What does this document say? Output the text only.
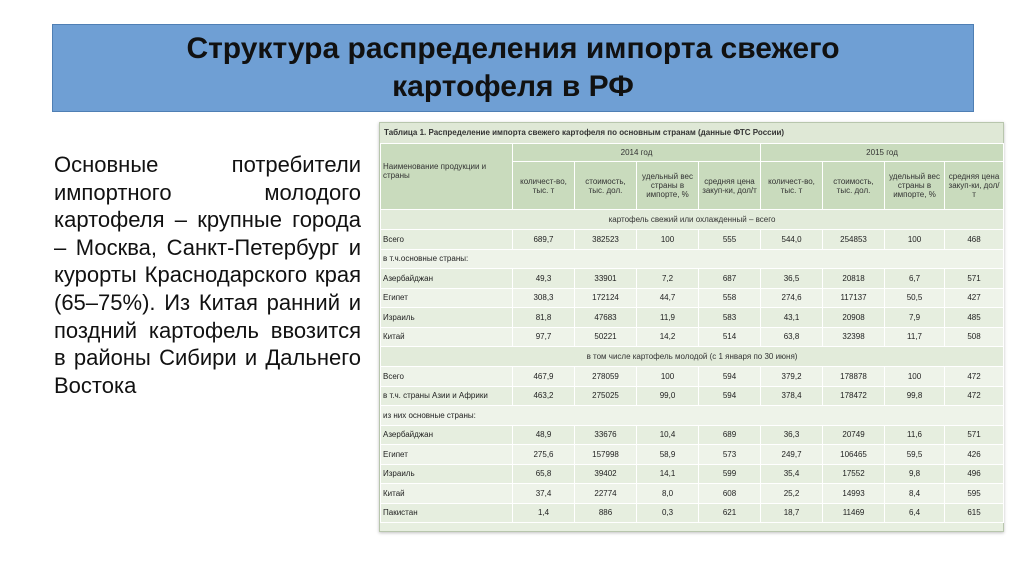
Структура распределения импорта свежего
картофеля в РФ
Основные потребители импортного молодого картофеля – крупные города – Москва, Санкт-Петербург и курорты Краснодарского края (65–75%). Из Китая ранний и поздний картофель ввозится в районы Сибири и Дальнего Востока
Таблица 1. Распределение импорта свежего картофеля по основным странам (данные ФТС России)
Наименование продукции и страны	2014 год				2015 год			
	количест-во, тыс. т	стоимость, тыс. дол.	удельный вес страны в импорте, %	средняя цена закуп-ки, дол/т	количест-во, тыс. т	стоимость, тыс. дол.	удельный вес страны в импорте, %	средняя цена закуп-ки, дол/т
картофель свежий или охлажденный – всего								
Всего	689,7	382523	100	555	544,0	254853	100	468
в т.ч.основные страны:								
Азербайджан	49,3	33901	7,2	687	36,5	20818	6,7	571
Египет	308,3	172124	44,7	558	274,6	117137	50,5	427
Израиль	81,8	47683	11,9	583	43,1	20908	7,9	485
Китай	97,7	50221	14,2	514	63,8	32398	11,7	508
в том числе картофель молодой (с 1 января по 30 июня)								
Всего	467,9	278059	100	594	379,2	178878	100	472
в т.ч. страны Азии и Африки	463,2	275025	99,0	594	378,4	178472	99,8	472
из них основные страны:								
Азербайджан	48,9	33676	10,4	689	36,3	20749	11,6	571
Египет	275,6	157998	58,9	573	249,7	106465	59,5	426
Израиль	65,8	39402	14,1	599	35,4	17552	9,8	496
Китай	37,4	22774	8,0	608	25,2	14993	8,4	595
Пакистан	1,4	886	0,3	621	18,7	11469	6,4	615
